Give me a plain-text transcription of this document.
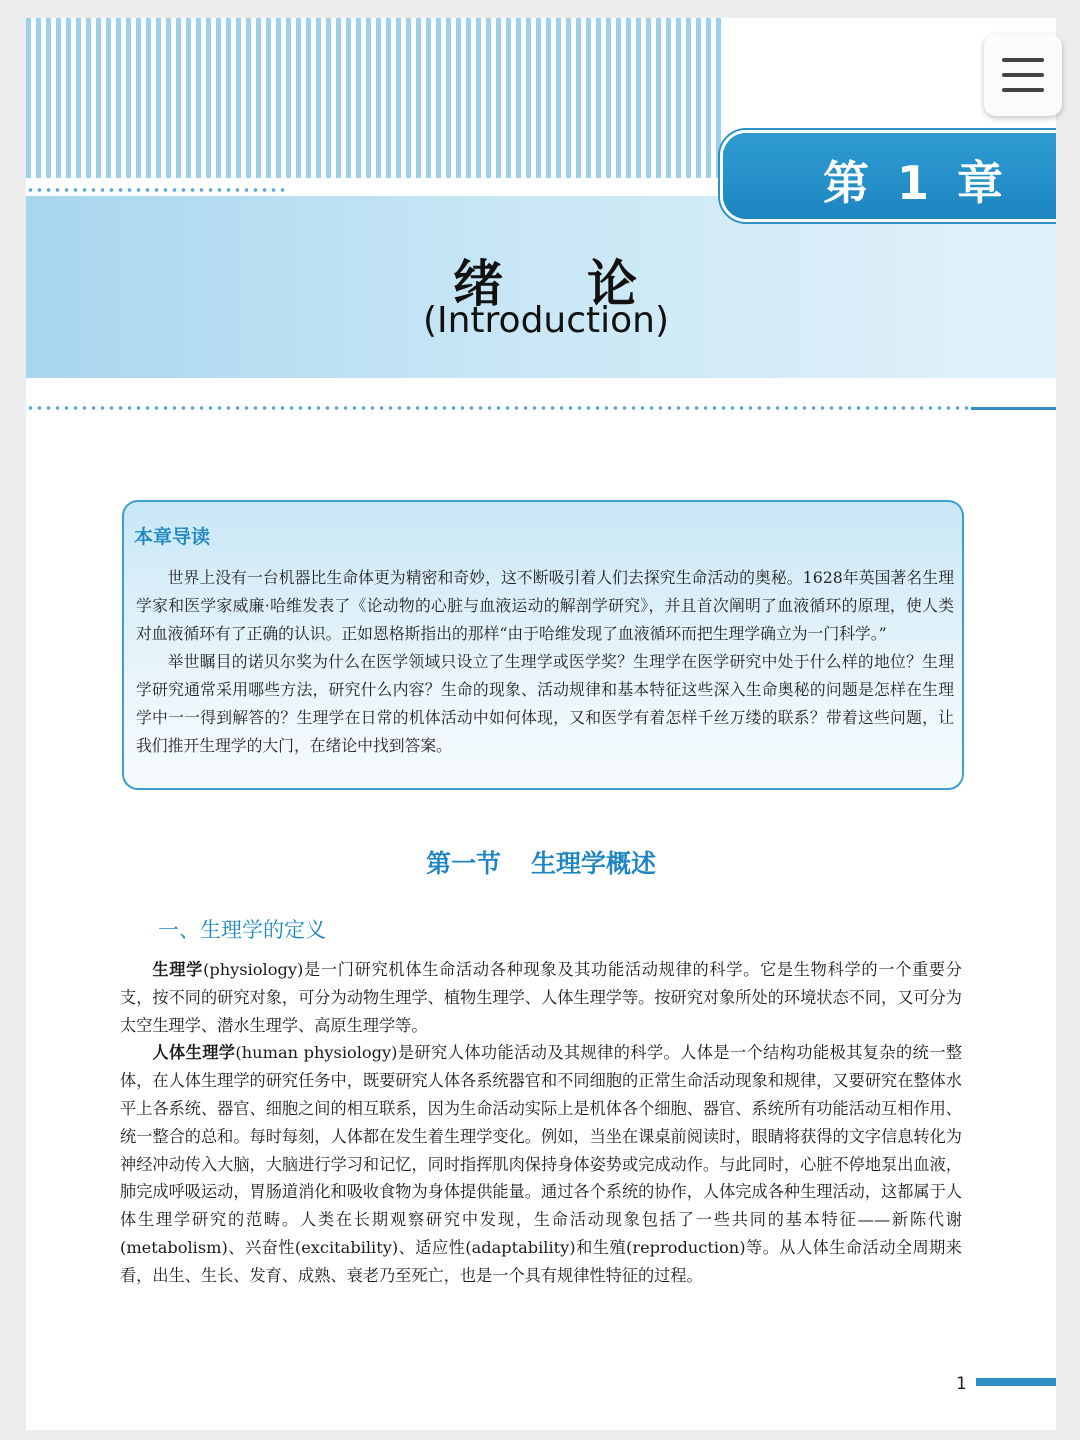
第 1 章
绪 论
(Introduction)
本章导读

世界上没有一台机器比生命体更为精密和奇妙，这不断吸引着人们去探究生命活动的奥秘。1628年英国著名生理学家和医学家威廉·哈维发表了《论动物的心脏与血液运动的解剖学研究》，并且首次阐明了血液循环的原理，使人类对血液循环有了正确的认识。正如恩格斯指出的那样“由于哈维发现了血液循环而把生理学确立为一门科学。”

举世瞩目的诺贝尔奖为什么在医学领域只设立了生理学或医学奖？生理学在医学研究中处于什么样的地位？生理学研究通常采用哪些方法，研究什么内容？生命的现象、活动规律和基本特征这些深入生命奥秘的问题是怎样在生理学中一一得到解答的？生理学在日常的机体活动中如何体现，又和医学有着怎样千丝万缕的联系？带着这些问题，让我们推开生理学的大门，在绪论中找到答案。

第一节 生理学概述
一、生理学的定义

生理学(physiology)是一门研究机体生命活动各种现象及其功能活动规律的科学。它是生物科学的一个重要分支，按不同的研究对象，可分为动物生理学、植物生理学、人体生理学等。按研究对象所处的环境状态不同，又可分为太空生理学、潜水生理学、高原生理学等。

人体生理学(human physiology)是研究人体功能活动及其规律的科学。人体是一个结构功能极其复杂的统一整体，在人体生理学的研究任务中，既要研究人体各系统器官和不同细胞的正常生命活动现象和规律，又要研究在整体水平上各系统、器官、细胞之间的相互联系，因为生命活动实际上是机体各个细胞、器官、系统所有功能活动互相作用、统一整合的总和。每时每刻，人体都在发生着生理学变化。例如，当坐在课桌前阅读时，眼睛将获得的文字信息转化为神经冲动传入大脑，大脑进行学习和记忆，同时指挥肌肉保持身体姿势或完成动作。与此同时，心脏不停地泵出血液，肺完成呼吸运动，胃肠道消化和吸收食物为身体提供能量。通过各个系统的协作，人体完成各种生理活动，这都属于人体生理学研究的范畴。人类在长期观察研究中发现，生命活动现象包括了一些共同的基本特征——新陈代谢(metabolism)、兴奋性(excitability)、适应性(adaptability)和生殖(reproduction)等。从人体生命活动全周期来看，出生、生长、发育、成熟、衰老乃至死亡，也是一个具有规律性特征的过程。

1
